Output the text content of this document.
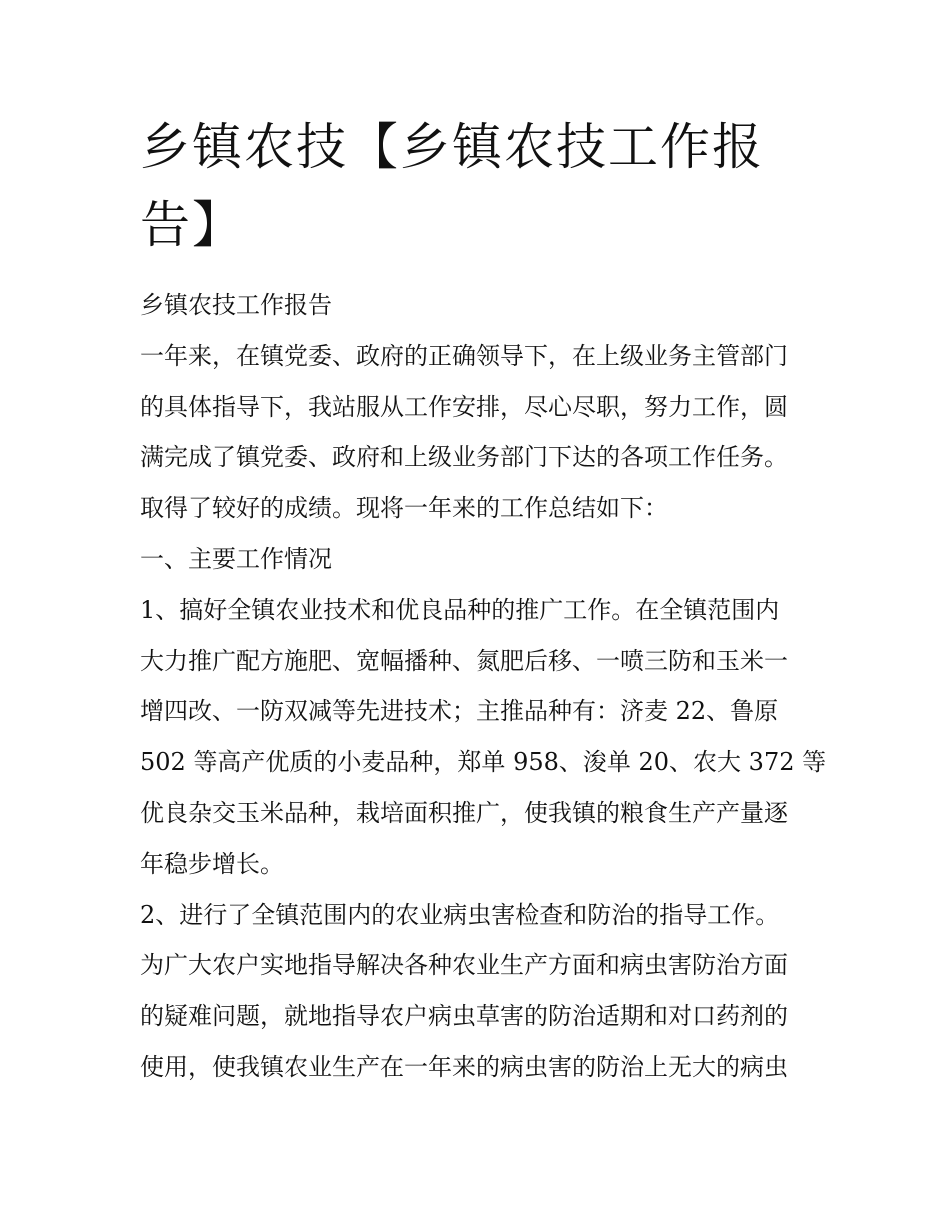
乡镇农技【乡镇农技工作报告】

乡镇农技工作报告

一年来，在镇党委、政府的正确领导下，在上级业务主管部门

的具体指导下，我站服从工作安排，尽心尽职，努力工作，圆

满完成了镇党委、政府和上级业务部门下达的各项工作任务。

取得了较好的成绩。现将一年来的工作总结如下：

一、主要工作情况

1、搞好全镇农业技术和优良品种的推广工作。在全镇范围内

大力推广配方施肥、宽幅播种、氮肥后移、一喷三防和玉米一

增四改、一防双减等先进技术；主推品种有：济麦 22、鲁原

502 等高产优质的小麦品种，郑单 958、浚单 20、农大 372 等

优良杂交玉米品种，栽培面积推广，使我镇的粮食生产产量逐

年稳步增长。

2、进行了全镇范围内的农业病虫害检查和防治的指导工作。

为广大农户实地指导解决各种农业生产方面和病虫害防治方面

的疑难问题，就地指导农户病虫草害的防治适期和对口药剂的

使用，使我镇农业生产在一年来的病虫害的防治上无大的病虫
